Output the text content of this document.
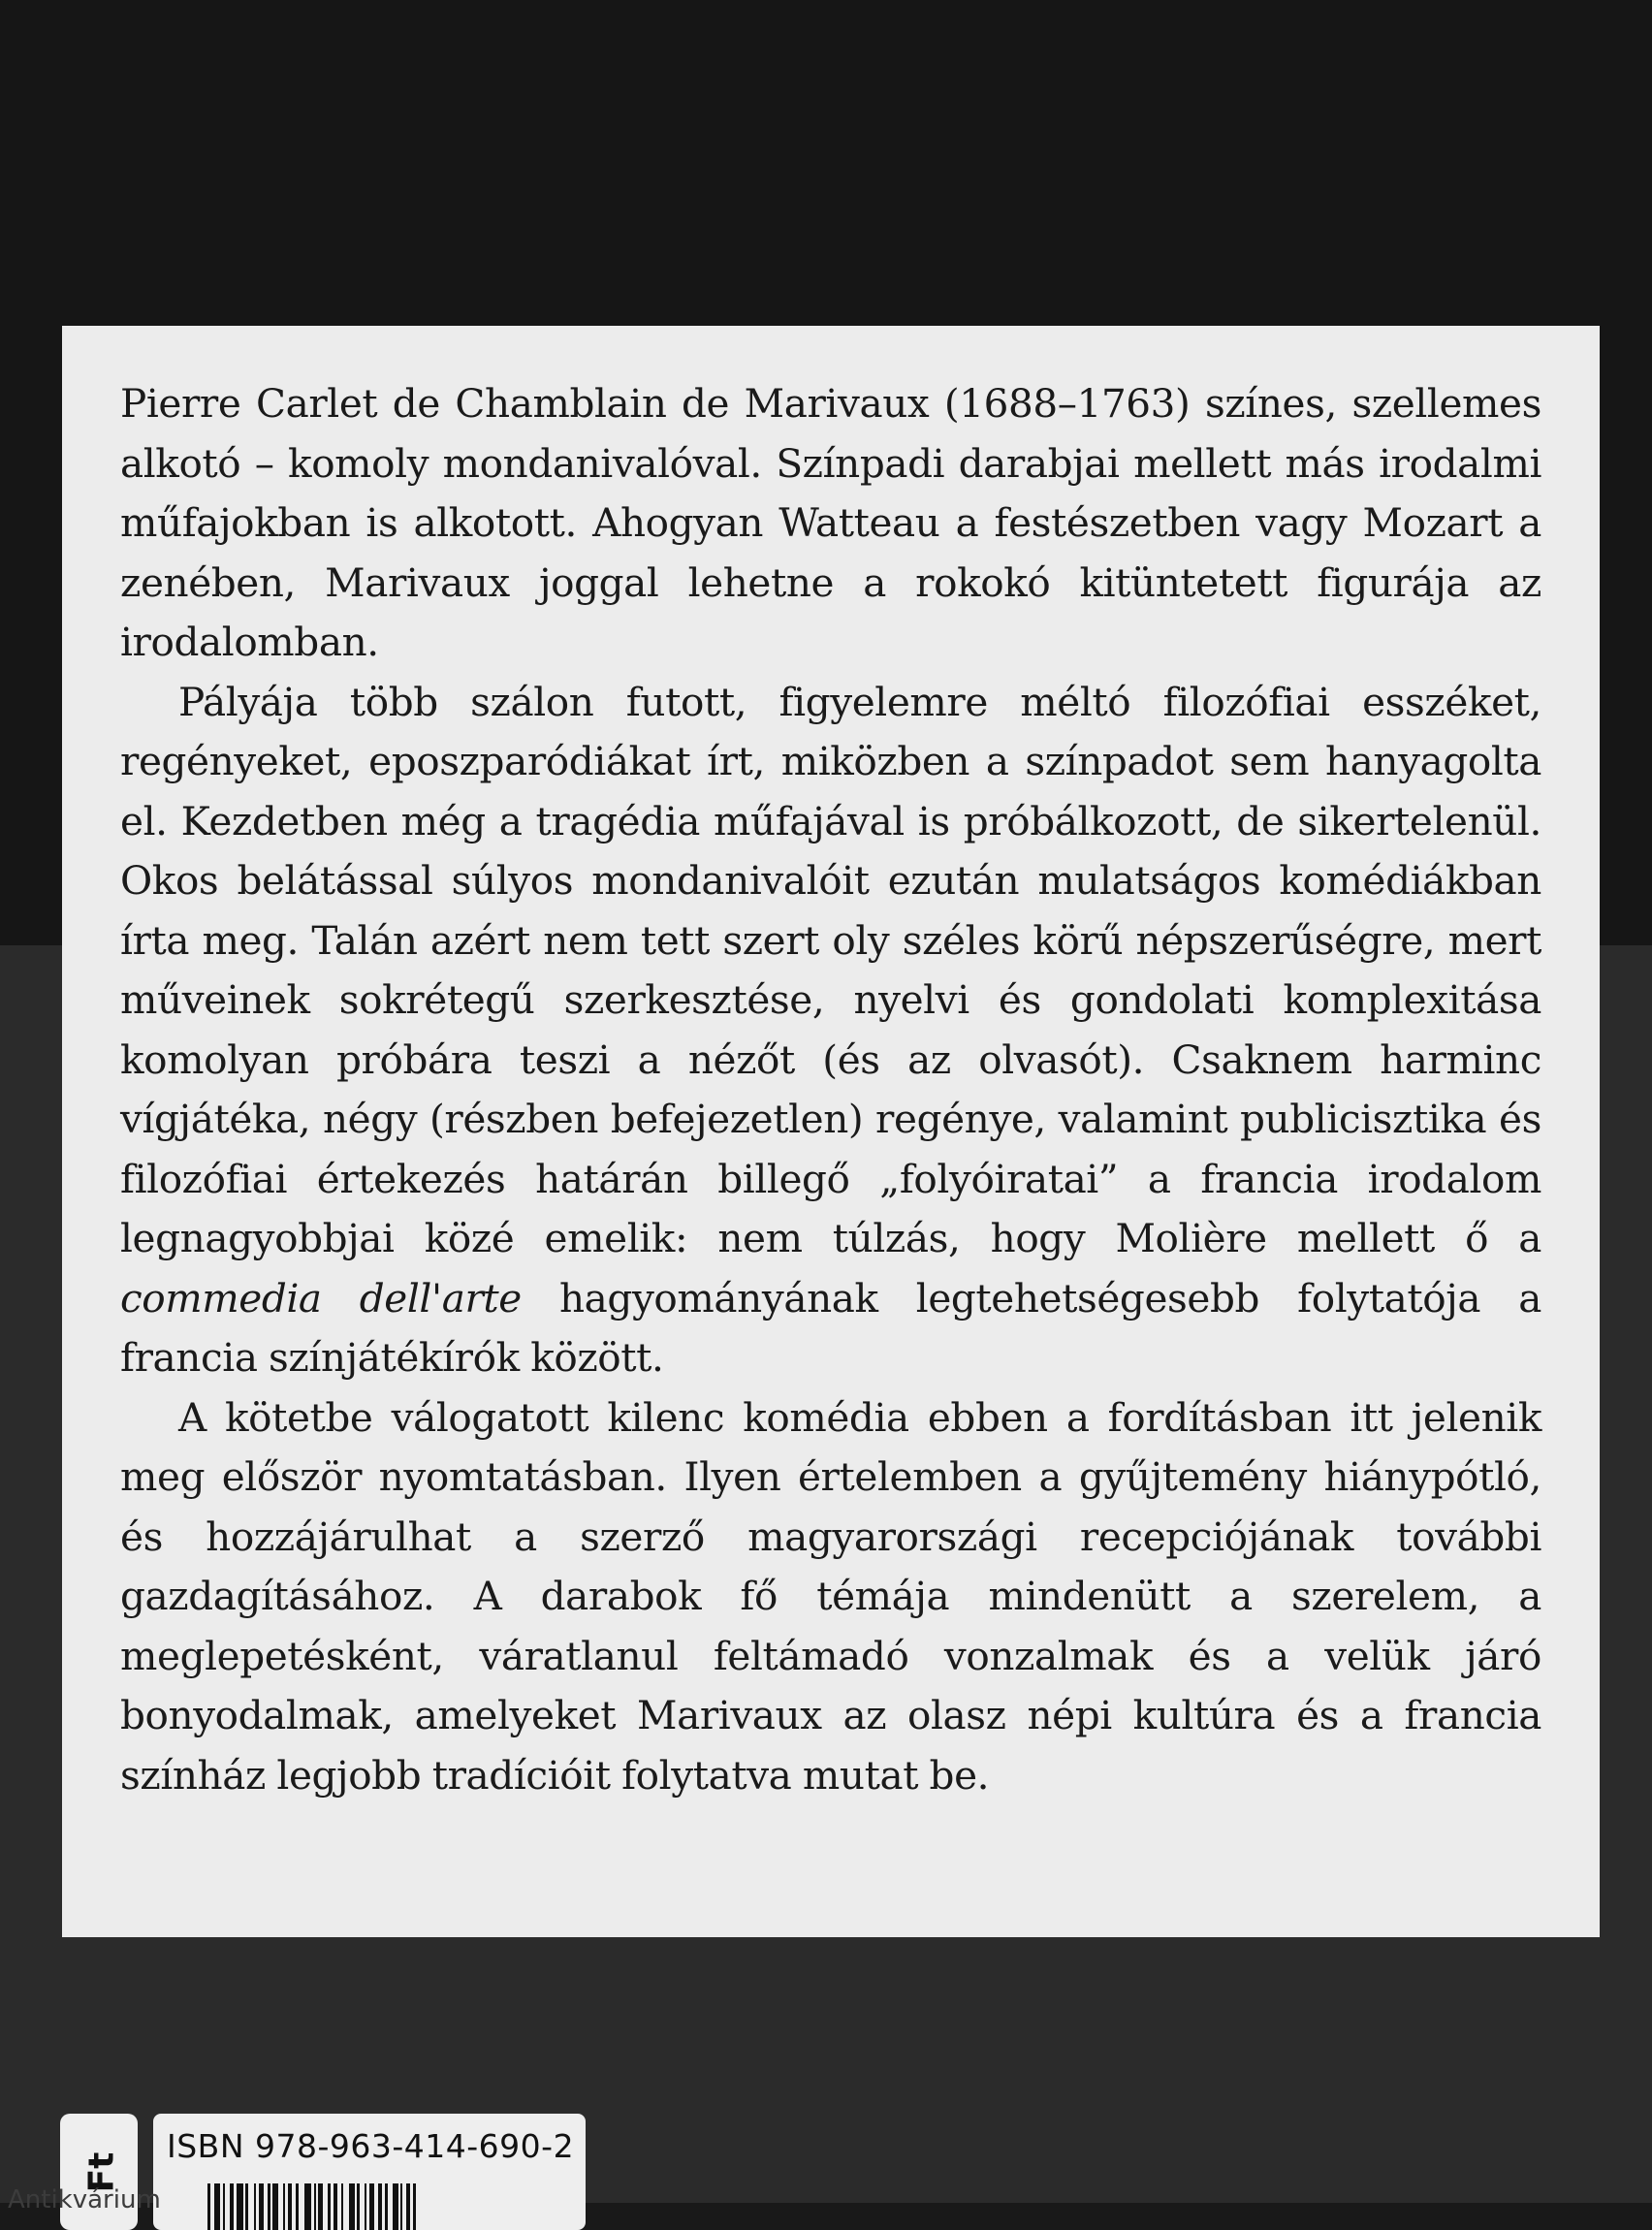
Pierre Carlet de Chamblain de Marivaux (1688–1763) színes, szellemes alkotó – komoly mondanivalóval. Színpadi darabjai mellett más irodalmi műfajokban is alkotott. Ahogyan Watteau a festészetben vagy Mozart a zenében, Marivaux joggal lehetne a rokokó kitüntetett figurája az irodalomban.

Pályája több szálon futott, figyelemre méltó filozófiai esszéket, regényeket, eposzparódiákat írt, miközben a színpadot sem hanyagolta el. Kezdetben még a tragédia műfajával is próbálkozott, de sikertelenül. Okos belátással súlyos mondanivalóit ezután mulatságos komédiákban írta meg. Talán azért nem tett szert oly széles körű népszerűségre, mert műveinek sokrétegű szerkesztése, nyelvi és gondolati komplexitása komolyan próbára teszi a nézőt (és az olvasót). Csaknem harminc vígjátéka, négy (részben befejezetlen) regénye, valamint publicisztika és filozófiai értekezés határán billegő „folyóiratai” a francia irodalom legnagyobbjai közé emelik: nem túlzás, hogy Molière mellett ő a commedia dell'arte hagyományának legtehetségesebb folytatója a francia színjátékírók között.

A kötetbe válogatott kilenc komédia ebben a fordításban itt jelenik meg először nyomtatásban. Ilyen értelemben a gyűjtemény hiánypótló, és hozzájárulhat a szerző magyarországi recepciójának további gazdagításához. A darabok fő témája mindenütt a szerelem, a meglepetésként, váratlanul feltámadó vonzalmak és a velük járó bonyodalmak, amelyeket Marivaux az olasz népi kultúra és a francia színház legjobb tradícióit folytatva mutat be.

Ft
ISBN 978-963-414-690-2
Antikvárium
